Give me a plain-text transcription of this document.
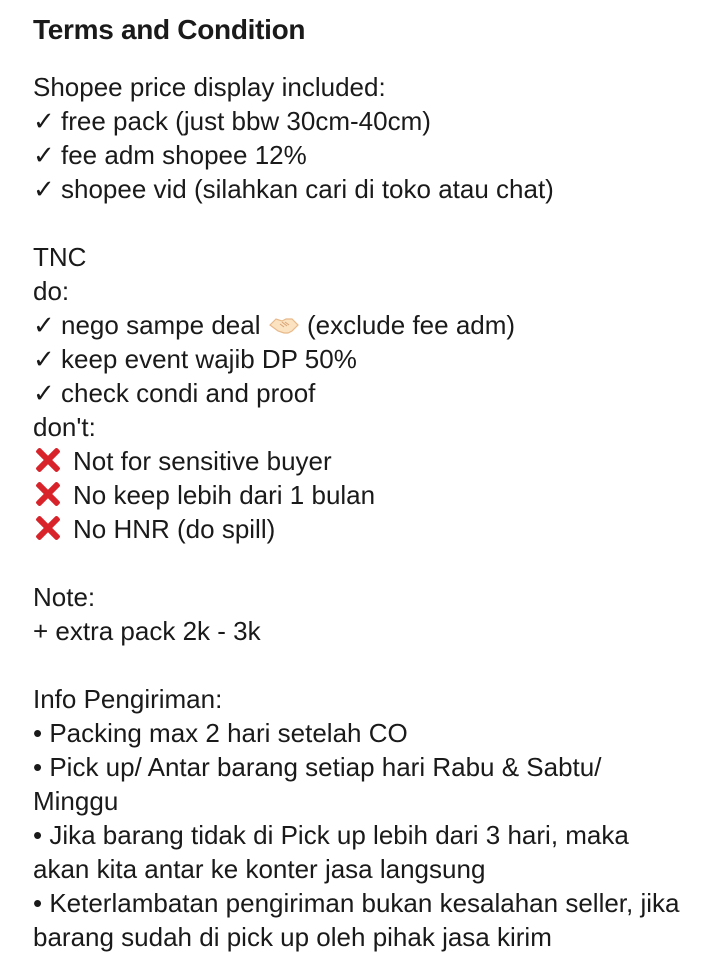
Terms and Condition
Shopee price display included:
✓ free pack (just bbw 30cm-40cm)
✓ fee adm shopee 12%
✓ shopee vid (silahkan cari di toko atau chat)
TNC
do:
✓ nego sampe deal (exclude fee adm)
✓ keep event wajib DP 50%
✓ check condi and proof
don't:
Not for sensitive buyer
No keep lebih dari 1 bulan
No HNR (do spill)
Note:
+ extra pack 2k - 3k
Info Pengiriman:
• Packing max 2 hari setelah CO
• Pick up/ Antar barang setiap hari Rabu & Sabtu/ Minggu
• Jika barang tidak di Pick up lebih dari 3 hari, maka akan kita antar ke konter jasa langsung
• Keterlambatan pengiriman bukan kesalahan seller, jika barang sudah di pick up oleh pihak jasa kirim
